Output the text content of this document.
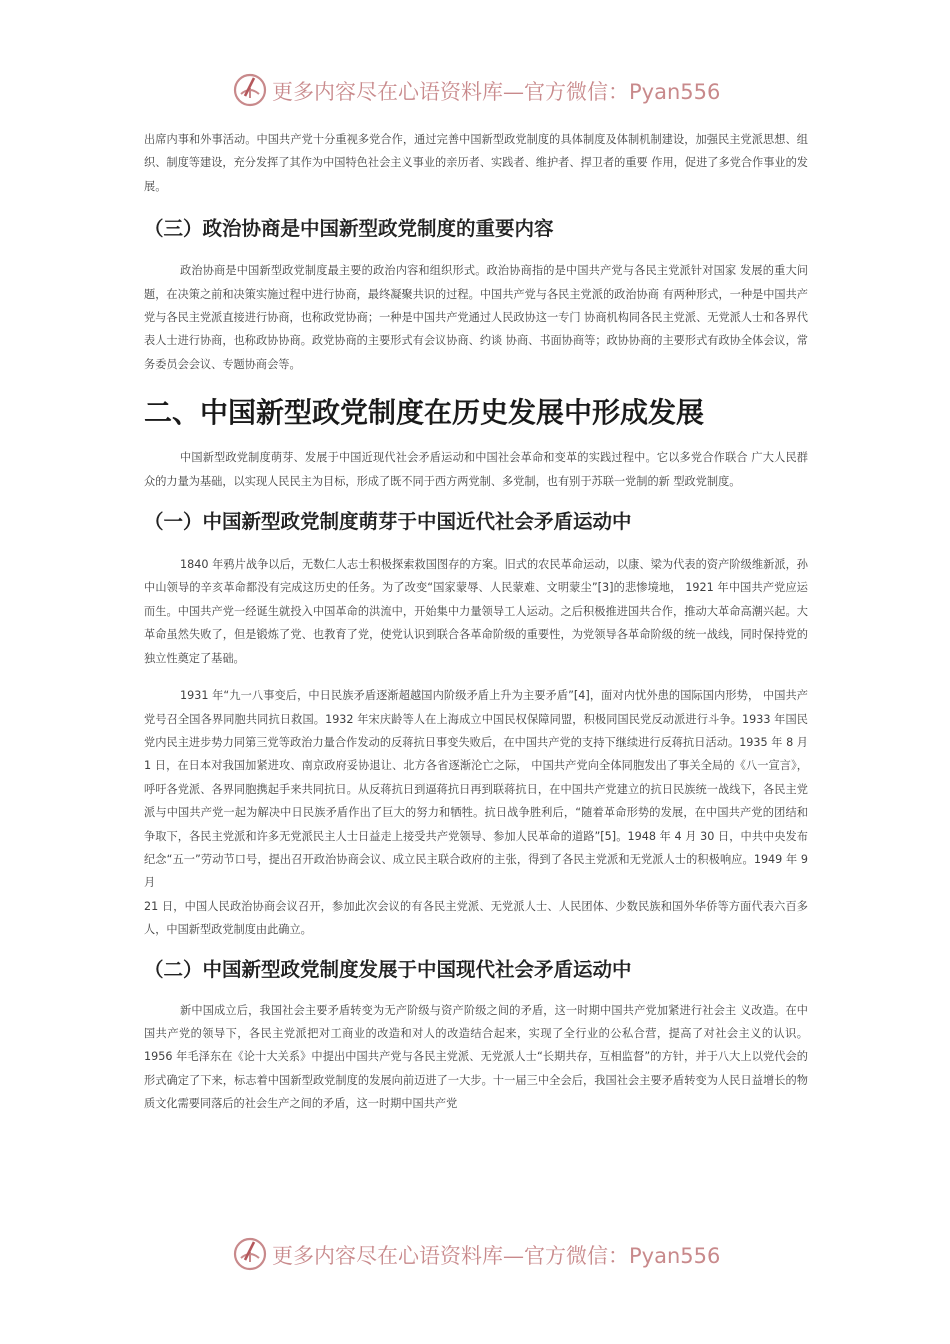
更多内容尽在心语资料库—官方微信：Pyan556

出席内事和外事活动。中国共产党十分重视多党合作，通过完善中国新型政党制度的具体制度及体制机制建设，加强民主党派思想、组织、制度等建设，充分发挥了其作为中国特色社会主义事业的亲历者、实践者、维护者、捍卫者的重要 作用，促进了多党合作事业的发展。

（三）政治协商是中国新型政党制度的重要内容

政治协商是中国新型政党制度最主要的政治内容和组织形式。政治协商指的是中国共产党与各民主党派针对国家 发展的重大问题，在决策之前和决策实施过程中进行协商，最终凝聚共识的过程。中国共产党与各民主党派的政治协商 有两种形式，一种是中国共产党与各民主党派直接进行协商，也称政党协商；一种是中国共产党通过人民政协这一专门 协商机构同各民主党派、无党派人士和各界代表人士进行协商，也称政协协商。政党协商的主要形式有会议协商、约谈 协商、书面协商等；政协协商的主要形式有政协全体会议，常务委员会会议、专题协商会等。

二、中国新型政党制度在历史发展中形成发展

中国新型政党制度萌芽、发展于中国近现代社会矛盾运动和中国社会革命和变革的实践过程中。它以多党合作联合 广大人民群众的力量为基础，以实现人民民主为目标，形成了既不同于西方两党制、多党制，也有别于苏联一党制的新 型政党制度。

（一）中国新型政党制度萌芽于中国近代社会矛盾运动中

1840 年鸦片战争以后，无数仁人志士积极探索救国图存的方案。旧式的农民革命运动，以康、梁为代表的资产阶级维新派，孙中山领导的辛亥革命都没有完成这历史的任务。为了改变“国家蒙辱、人民蒙难、文明蒙尘”[3]的悲惨境地， 1921 年中国共产党应运而生。中国共产党一经诞生就投入中国革命的洪流中，开始集中力量领导工人运动。之后积极推进国共合作，推动大革命高潮兴起。大革命虽然失败了，但是锻炼了党、也教育了党，使党认识到联合各革命阶级的重要性，为党领导各革命阶级的统一战线，同时保持党的独立性奠定了基础。

1931 年“九一八事变后，中日民族矛盾逐渐超越国内阶级矛盾上升为主要矛盾”[4]，面对内忧外患的国际国内形势， 中国共产党号召全国各界同胞共同抗日救国。1932 年宋庆龄等人在上海成立中国民权保障同盟，积极同国民党反动派进行斗争。1933 年国民党内民主进步势力同第三党等政治力量合作发动的反蒋抗日事变失败后，在中国共产党的支持下继续进行反蒋抗日活动。1935 年 8 月 1 日，在日本对我国加紧进攻、南京政府妥协退让、北方各省逐渐沦亡之际， 中国共产党向全体同胞发出了事关全局的《八一宣言》，呼吁各党派、各界同胞携起手来共同抗日。从反蒋抗日到逼蒋抗日再到联蒋抗日，在中国共产党建立的抗日民族统一战线下，各民主党派与中国共产党一起为解决中日民族矛盾作出了巨大的努力和牺牲。抗日战争胜利后，“随着革命形势的发展，在中国共产党的团结和争取下，各民主党派和许多无党派民主人士日益走上接受共产党领导、参加人民革命的道路”[5]。1948 年 4 月 30 日，中共中央发布纪念“五一”劳动节口号，提出召开政治协商会议、成立民主联合政府的主张，得到了各民主党派和无党派人士的积极响应。1949 年 9 月

21 日，中国人民政治协商会议召开，参加此次会议的有各民主党派、无党派人士、人民团体、少数民族和国外华侨等方面代表六百多人，中国新型政党制度由此确立。

（二）中国新型政党制度发展于中国现代社会矛盾运动中

新中国成立后，我国社会主要矛盾转变为无产阶级与资产阶级之间的矛盾，这一时期中国共产党加紧进行社会主 义改造。在中国共产党的领导下，各民主党派把对工商业的改造和对人的改造结合起来，实现了全行业的公私合营，提高了对社会主义的认识。1956 年毛泽东在《论十大关系》中提出中国共产党与各民主党派、无党派人士“长期共存，互相监督”的方针，并于八大上以党代会的形式确定了下来，标志着中国新型政党制度的发展向前迈进了一大步。十一届三中全会后，我国社会主要矛盾转变为人民日益增长的物质文化需要同落后的社会生产之间的矛盾，这一时期中国共产党

更多内容尽在心语资料库—官方微信：Pyan556
